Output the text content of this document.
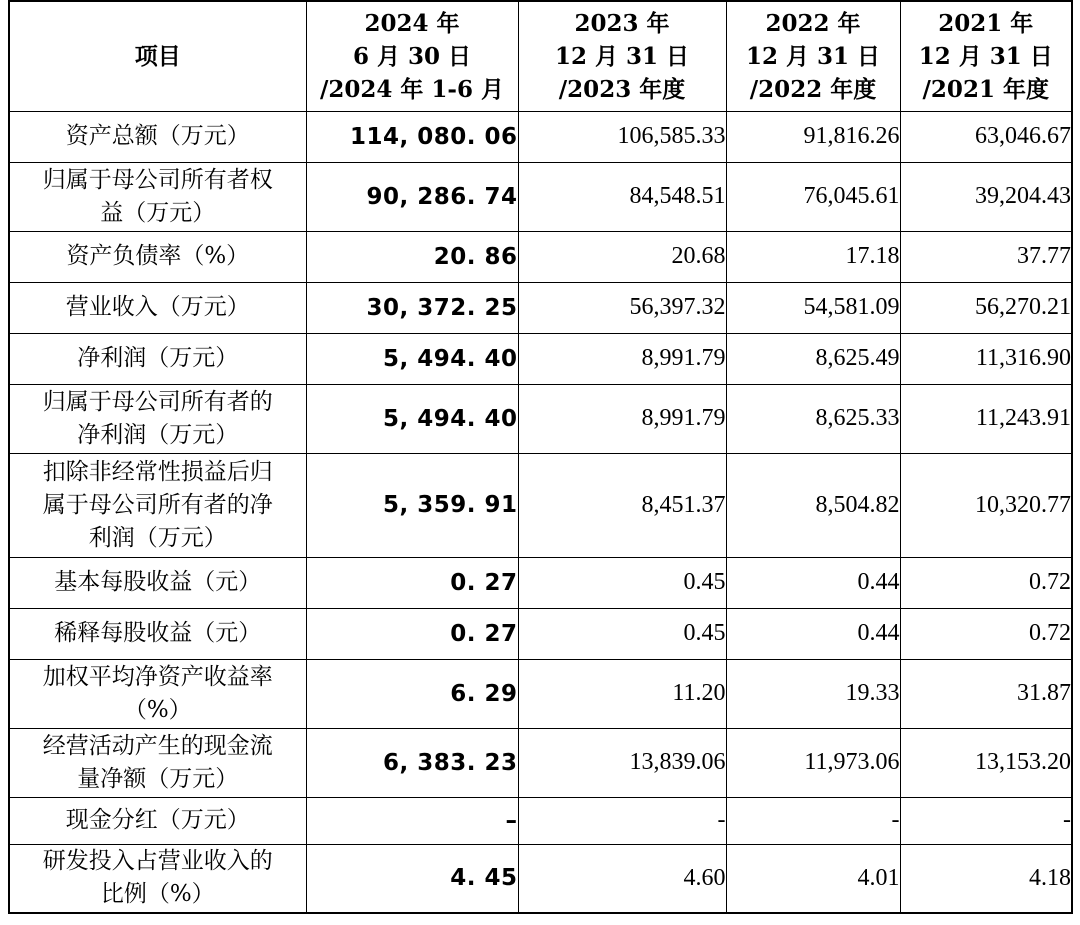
项目	2024 年
6 月 30 日
/2024 年 1-6 月	2023 年
12 月 31 日
/2023 年度	2022 年
12 月 31 日
/2022 年度	2021 年
12 月 31 日
/2021 年度

资产总额（万元）	114, 080. 06	106,585.33	91,816.26	63,046.67

归属于母公司所有者权
益（万元）	90, 286. 74	84,548.51	76,045.61	39,204.43

资产负债率（%）	20. 86	20.68	17.18	37.77

营业收入（万元）	30, 372. 25	56,397.32	54,581.09	56,270.21

净利润（万元）	5, 494. 40	8,991.79	8,625.49	11,316.90

归属于母公司所有者的
净利润（万元）	5, 494. 40	8,991.79	8,625.33	11,243.91

扣除非经常性损益后归
属于母公司所有者的净
利润（万元）	5, 359. 91	8,451.37	8,504.82	10,320.77

基本每股收益（元）	0. 27	0.45	0.44	0.72

稀释每股收益（元）	0. 27	0.45	0.44	0.72

加权平均净资产收益率
（%）	6. 29	11.20	19.33	31.87

经营活动产生的现金流
量净额（万元）	6, 383. 23	13,839.06	11,973.06	13,153.20

现金分红（万元）	–	-	-	-

研发投入占营业收入的
比例（%）	4. 45	4.60	4.01	4.18
